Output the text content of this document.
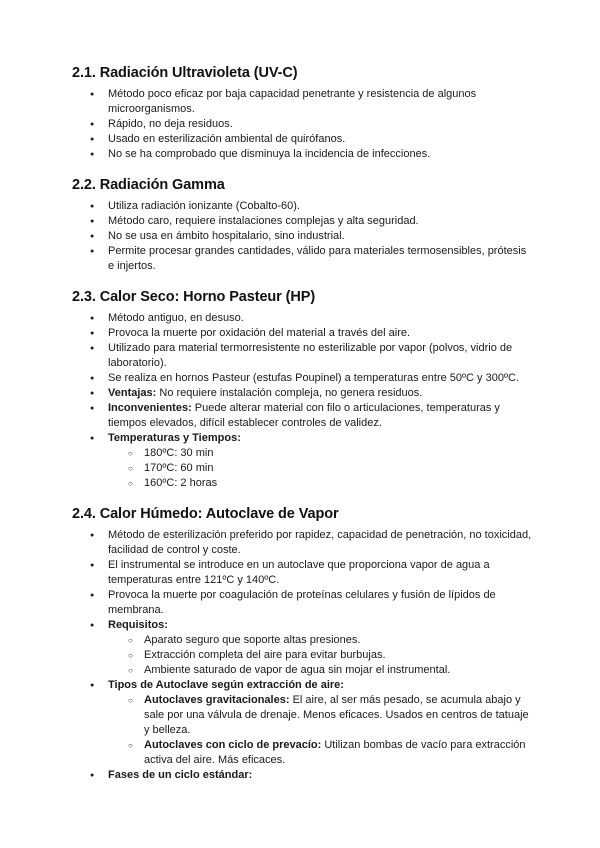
2.1. Radiación Ultravioleta (UV-C)
● Método poco eficaz por baja capacidad penetrante y resistencia de algunos microorganismos.
● Rápido, no deja residuos.
● Usado en esterilización ambiental de quirófanos.
● No se ha comprobado que disminuya la incidencia de infecciones.
2.2. Radiación Gamma
● Utiliza radiación ionizante (Cobalto-60).
● Método caro, requiere instalaciones complejas y alta seguridad.
● No se usa en ámbito hospitalario, sino industrial.
● Permite procesar grandes cantidades, válido para materiales termosensibles, prótesis e injertos.
2.3. Calor Seco: Horno Pasteur (HP)
● Método antiguo, en desuso.
● Provoca la muerte por oxidación del material a través del aire.
● Utilizado para material termorresistente no esterilizable por vapor (polvos, vidrio de laboratorio).
● Se realiza en hornos Pasteur (estufas Poupinel) a temperaturas entre 50ºC y 300ºC.
● Ventajas: No requiere instalación compleja, no genera residuos.
● Inconvenientes: Puede alterar material con filo o articulaciones, temperaturas y tiempos elevados, difícil establecer controles de validez.
● Temperaturas y Tiempos:
○ 180ºC: 30 min
○ 170ºC: 60 min
○ 160ºC: 2 horas
2.4. Calor Húmedo: Autoclave de Vapor
● Método de esterilización preferido por rapidez, capacidad de penetración, no toxicidad, facilidad de control y coste.
● El instrumental se introduce en un autoclave que proporciona vapor de agua a temperaturas entre 121ºC y 140ºC.
● Provoca la muerte por coagulación de proteínas celulares y fusión de lípidos de membrana.
● Requisitos:
○ Aparato seguro que soporte altas presiones.
○ Extracción completa del aire para evitar burbujas.
○ Ambiente saturado de vapor de agua sin mojar el instrumental.
● Tipos de Autoclave según extracción de aire:
○ Autoclaves gravitacionales: El aire, al ser más pesado, se acumula abajo y sale por una válvula de drenaje. Menos eficaces. Usados en centros de tatuaje y belleza.
○ Autoclaves con ciclo de prevacío: Utilizan bombas de vacío para extracción activa del aire. Más eficaces.
● Fases de un ciclo estándar:
